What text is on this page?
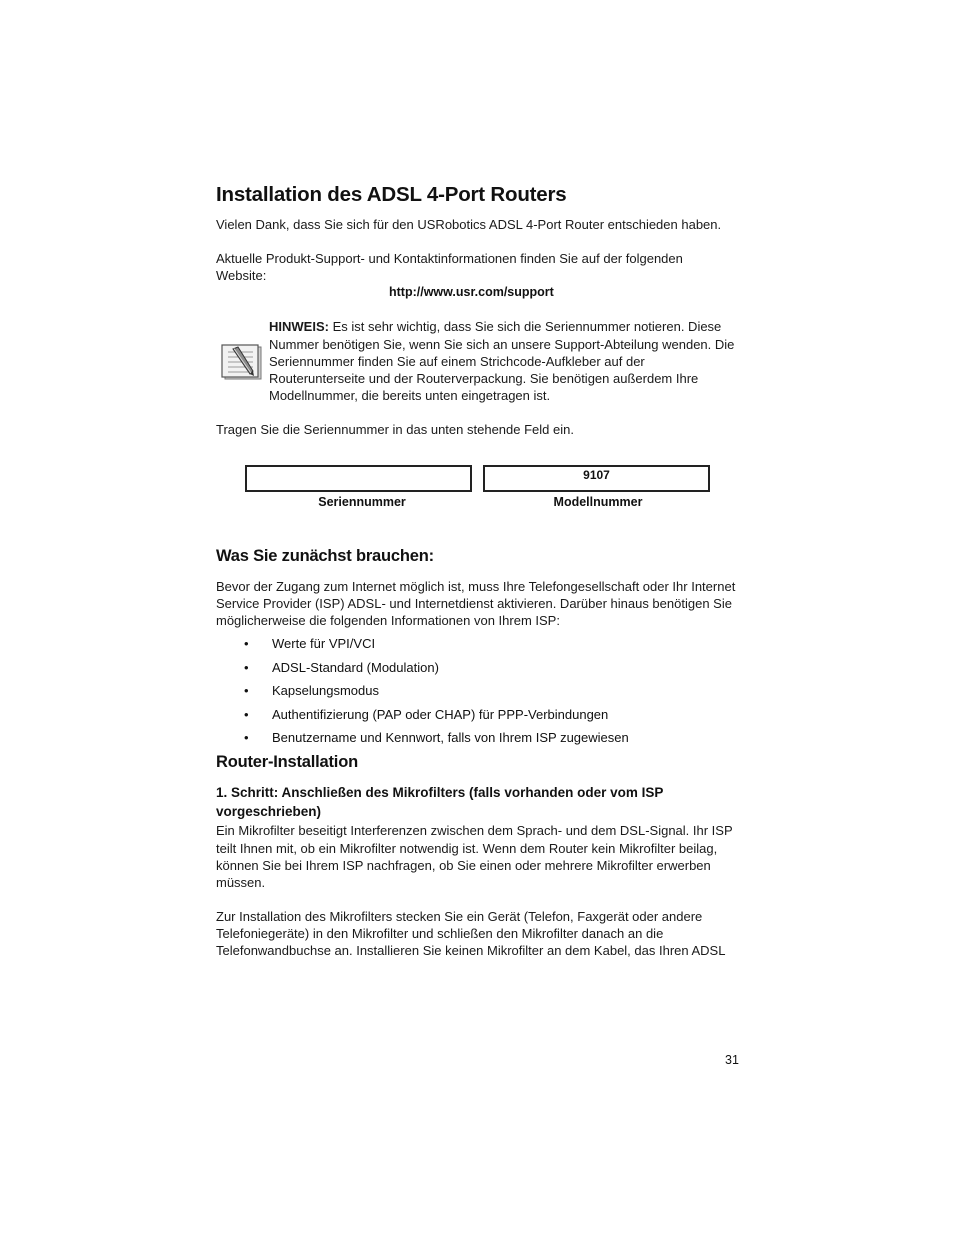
Installation des ADSL 4-Port Routers
Vielen Dank, dass Sie sich für den USRobotics ADSL 4-Port Router entschieden haben.
Aktuelle Produkt-Support- und Kontaktinformationen finden Sie auf der folgenden
Website:
http://www.usr.com/support
HINWEIS: Es ist sehr wichtig, dass Sie sich die Seriennummer notieren. Diese
Nummer benötigen Sie, wenn Sie sich an unsere Support-Abteilung wenden. Die
Seriennummer finden Sie auf einem Strichcode-Aufkleber auf der
Routerunterseite und der Routerverpackung. Sie benötigen außerdem Ihre
Modellnummer, die bereits unten eingetragen ist.
Tragen Sie die Seriennummer in das unten stehende Feld ein.
9107
Seriennummer	Modellnummer
Was Sie zunächst brauchen:
Bevor der Zugang zum Internet möglich ist, muss Ihre Telefongesellschaft oder Ihr Internet
Service Provider (ISP) ADSL- und Internetdienst aktivieren. Darüber hinaus benötigen Sie
möglicherweise die folgenden Informationen von Ihrem ISP:
• Werte für VPI/VCI
• ADSL-Standard (Modulation)
• Kapselungsmodus
• Authentifizierung (PAP oder CHAP) für PPP-Verbindungen
• Benutzername und Kennwort, falls von Ihrem ISP zugewiesen
Router-Installation
1. Schritt: Anschließen des Mikrofilters (falls vorhanden oder vom ISP
vorgeschrieben)
Ein Mikrofilter beseitigt Interferenzen zwischen dem Sprach- und dem DSL-Signal. Ihr ISP
teilt Ihnen mit, ob ein Mikrofilter notwendig ist. Wenn dem Router kein Mikrofilter beilag,
können Sie bei Ihrem ISP nachfragen, ob Sie einen oder mehrere Mikrofilter erwerben
müssen.
Zur Installation des Mikrofilters stecken Sie ein Gerät (Telefon, Faxgerät oder andere
Telefoniegeräte) in den Mikrofilter und schließen den Mikrofilter danach an die
Telefonwandbuchse an. Installieren Sie keinen Mikrofilter an dem Kabel, das Ihren ADSL
31
